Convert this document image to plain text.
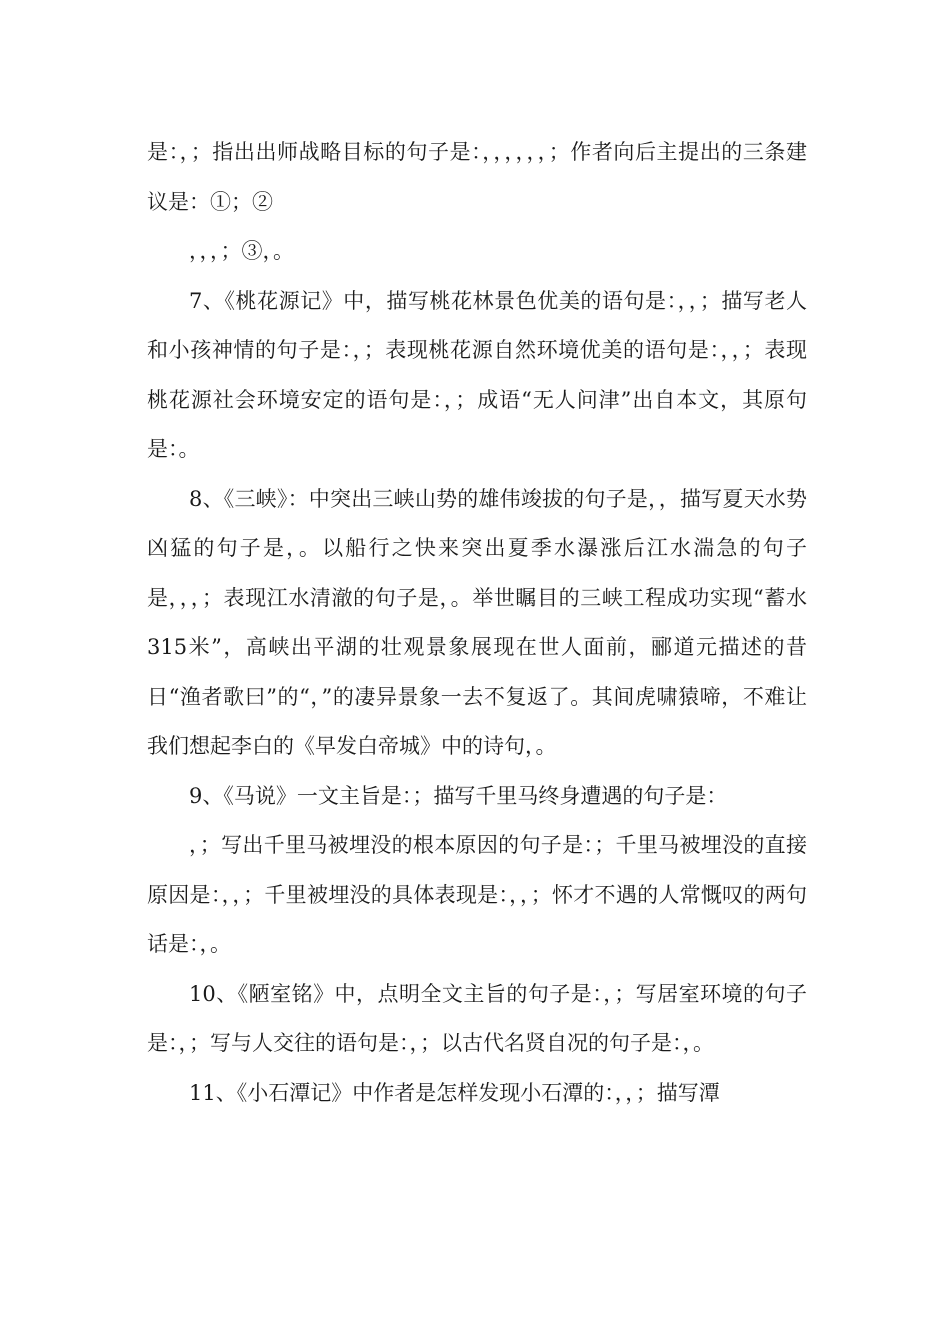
是：，；指出出师战略目标的句子是：，，，，，，；作者向后主提出的三条建议是：①；②

，，，；③，。

7、《桃花源记》中，描写桃花林景色优美的语句是：，，；描写老人和小孩神情的句子是：，；表现桃花源自然环境优美的语句是：，，；表现桃花源社会环境安定的语句是：，；成语“无人问津”出自本文，其原句是：。

8、《三峡》：中突出三峡山势的雄伟竣拔的句子是，，描写夏天水势凶猛的句子是，。以船行之快来突出夏季水瀑涨后江水湍急的句子是，，，；表现江水清澈的句子是，。举世瞩目的三峡工程成功实现“蓄水315米”，高峡出平湖的壮观景象展现在世人面前，郦道元描述的昔日“渔者歌曰”的“，”的凄异景象一去不复返了。其间虎啸猿啼，不难让我们想起李白的《早发白帝城》中的诗句，。

9、《马说》一文主旨是：；描写千里马终身遭遇的句子是：

，；写出千里马被埋没的根本原因的句子是：；千里马被埋没的直接原因是：，，；千里被埋没的具体表现是：，，；怀才不遇的人常慨叹的两句话是：，。

10、《陋室铭》中，点明全文主旨的句子是：，；写居室环境的句子是：，；写与人交往的语句是：，；以古代名贤自况的句子是：，。

11、《小石潭记》中作者是怎样发现小石潭的：，，；描写潭
